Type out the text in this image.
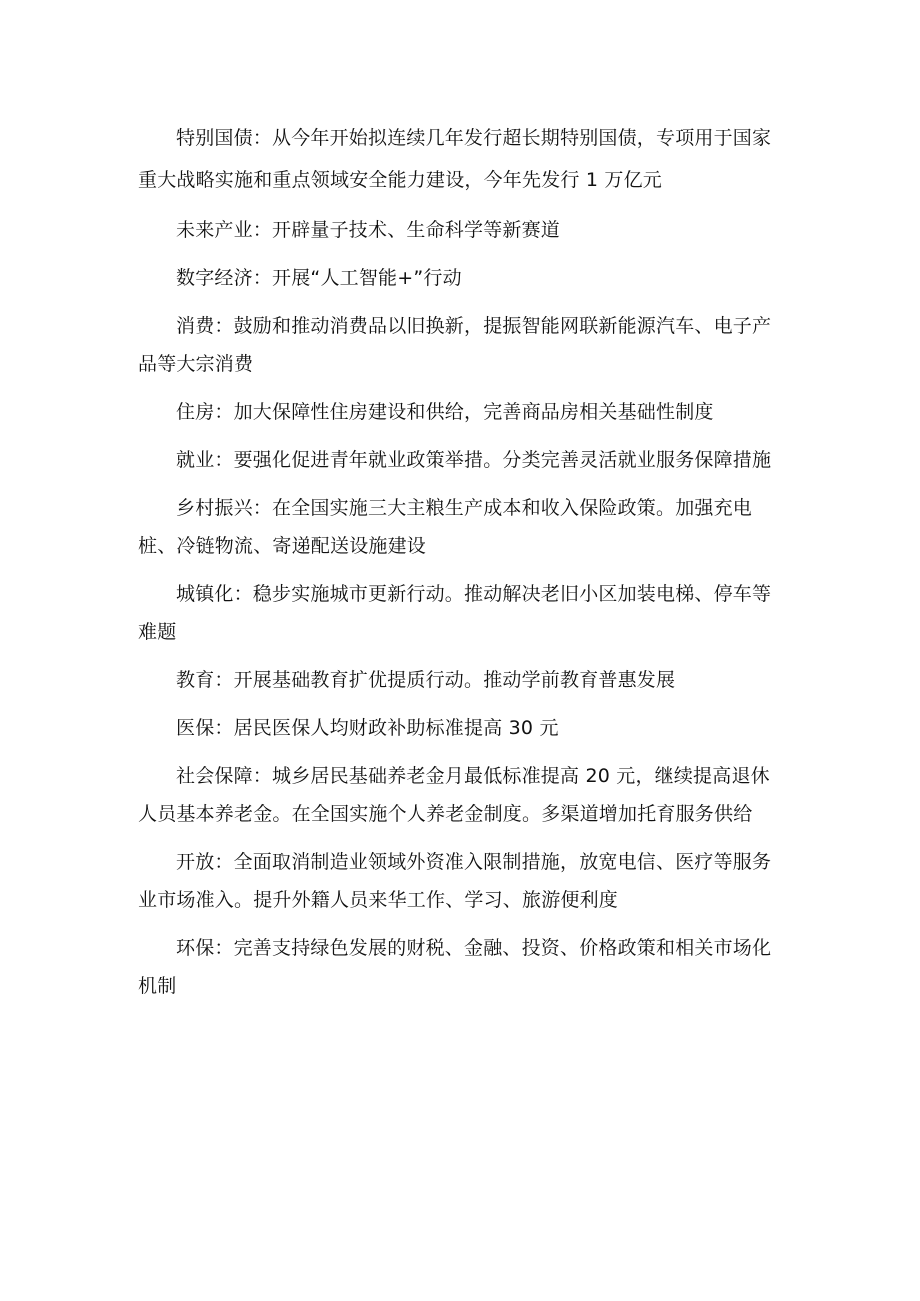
特别国债：从今年开始拟连续几年发行超长期特别国债，专项用于国家重大战略实施和重点领域安全能力建设，今年先发行 1 万亿元

未来产业：开辟量子技术、生命科学等新赛道

数字经济：开展“人工智能+”行动

消费：鼓励和推动消费品以旧换新，提振智能网联新能源汽车、电子产品等大宗消费

住房：加大保障性住房建设和供给，完善商品房相关基础性制度

就业：要强化促进青年就业政策举措。分类完善灵活就业服务保障措施

乡村振兴：在全国实施三大主粮生产成本和收入保险政策。加强充电桩、冷链物流、寄递配送设施建设

城镇化：稳步实施城市更新行动。推动解决老旧小区加装电梯、停车等难题

教育：开展基础教育扩优提质行动。推动学前教育普惠发展

医保：居民医保人均财政补助标准提高 30 元

社会保障：城乡居民基础养老金月最低标准提高 20 元，继续提高退休人员基本养老金。在全国实施个人养老金制度。多渠道增加托育服务供给

开放：全面取消制造业领域外资准入限制措施，放宽电信、医疗等服务业市场准入。提升外籍人员来华工作、学习、旅游便利度

环保：完善支持绿色发展的财税、金融、投资、价格政策和相关市场化机制
